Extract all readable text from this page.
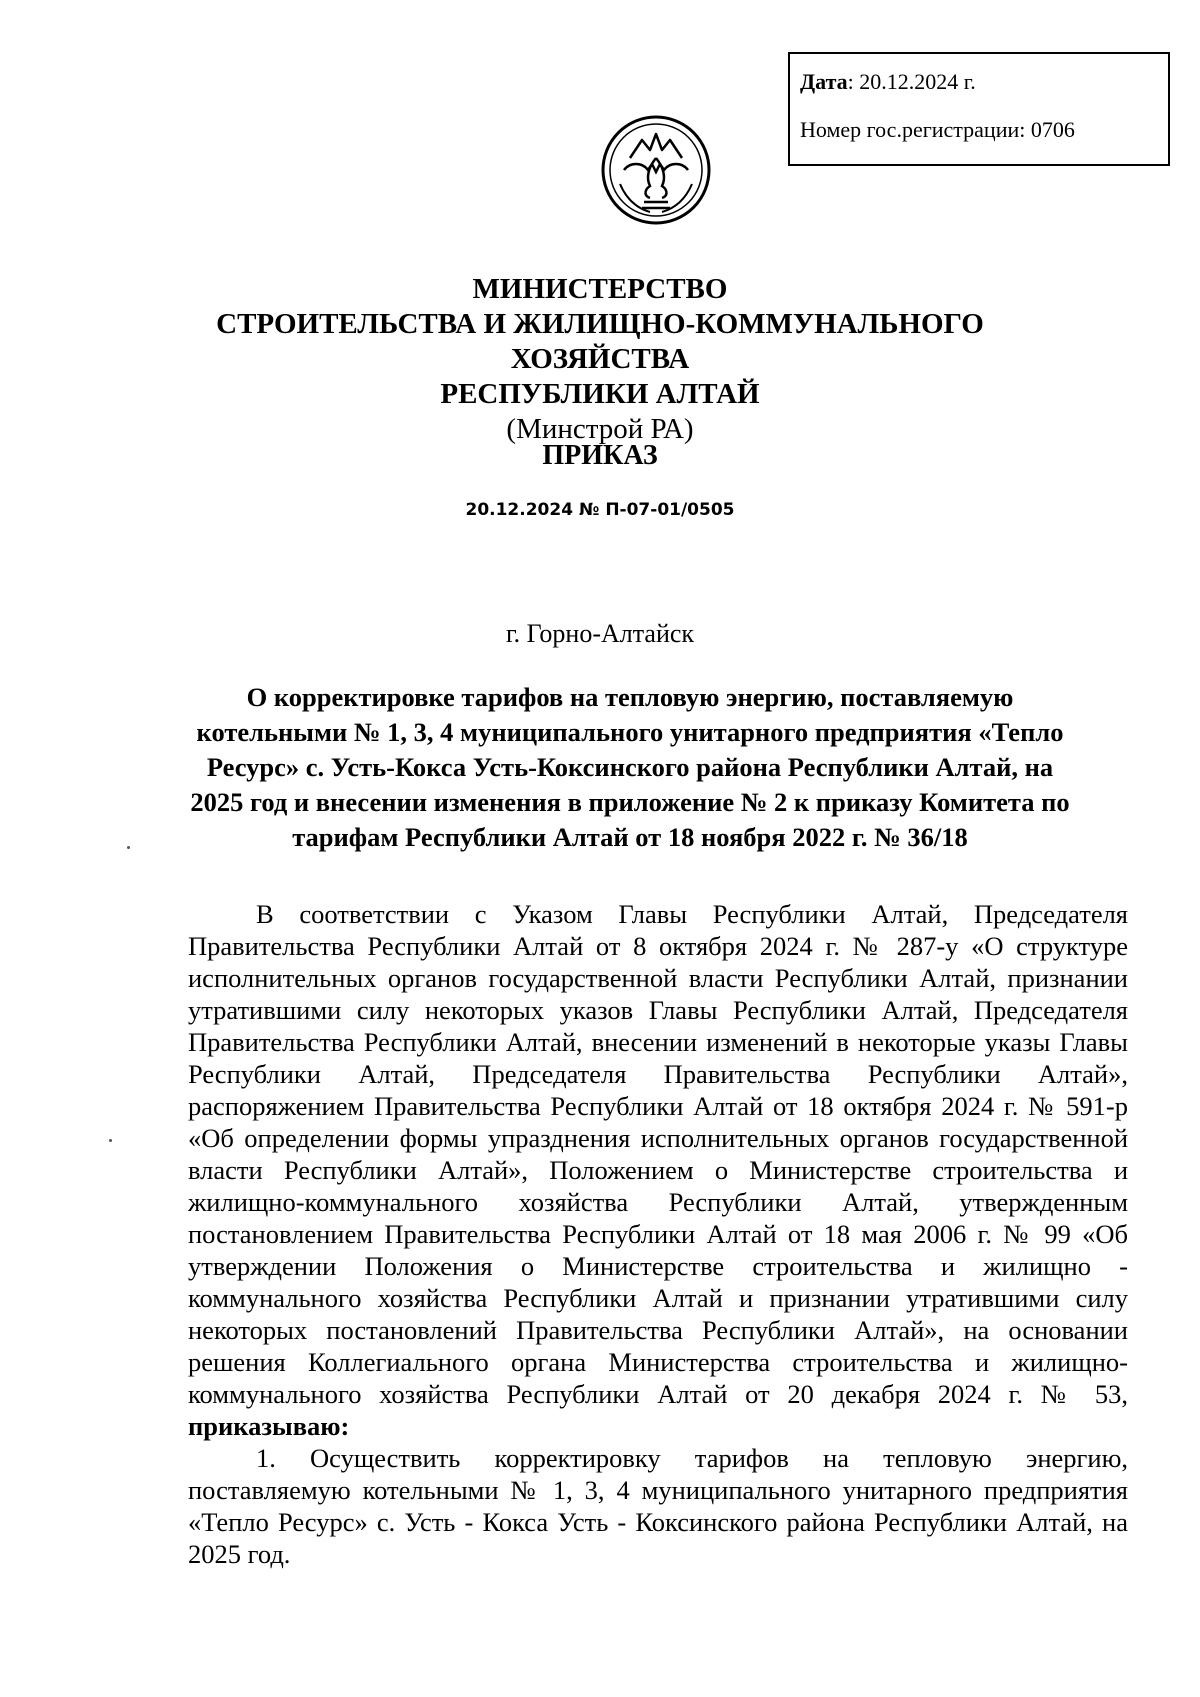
Дата: 20.12.2024 г.
Номер гос.регистрации: 0706
МИНИСТЕРСТВО
СТРОИТЕЛЬСТВА И ЖИЛИЩНО-КОММУНАЛЬНОГО ХОЗЯЙСТВА
РЕСПУБЛИКИ АЛТАЙ
(Минстрой РА)
ПРИКАЗ
20.12.2024 № П-07-01/0505
г. Горно-Алтайск
О корректировке тарифов на тепловую энергию, поставляемую котельными № 1, 3, 4 муниципального унитарного предприятия «Тепло Ресурс» с. Усть-Кокса Усть-Коксинского района Республики Алтай, на 2025 год и внесении изменения в приложение № 2 к приказу Комитета по тарифам Республики Алтай от 18 ноября 2022 г. № 36/18

В соответствии с Указом Главы Республики Алтай, Председателя Правительства Республики Алтай от 8 октября 2024 г. № 287-у «О структуре исполнительных органов государственной власти Республики Алтай, признании утратившими силу некоторых указов Главы Республики Алтай, Председателя Правительства Республики Алтай, внесении изменений в некоторые указы Главы Республики Алтай, Председателя Правительства Республики Алтай», распоряжением Правительства Республики Алтай от 18 октября 2024 г. № 591-р «Об определении формы упразднения исполнительных органов государственной власти Республики Алтай», Положением о Министерстве строительства и жилищно-коммунального хозяйства Республики Алтай, утвержденным постановлением Правительства Республики Алтай от 18 мая 2006 г. № 99 «Об утверждении Положения о Министерстве строительства и жилищно - коммунального хозяйства Республики Алтай и признании утратившими силу некоторых постановлений Правительства Республики Алтай», на основании решения Коллегиального органа Министерства строительства и жилищно-коммунального хозяйства Республики Алтай от 20 декабря 2024 г. № 53, приказываю:

1. Осуществить корректировку тарифов на тепловую энергию, поставляемую котельными № 1, 3, 4 муниципального унитарного предприятия «Тепло Ресурс» с. Усть - Кокса Усть - Коксинского района Республики Алтай, на 2025 год.
